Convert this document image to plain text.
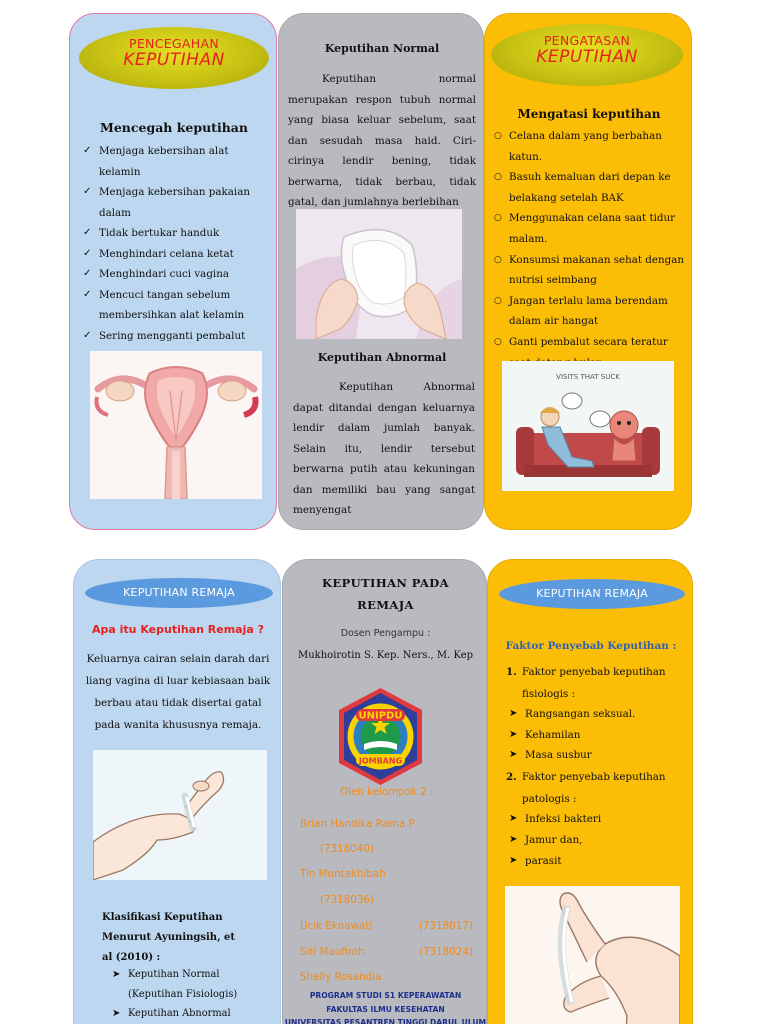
PENCEGAHAN
KEPUTIHAN
Mencegah keputihan
✓ Menjaga kebersihan alat kelamin
✓ Menjaga kebersihan pakaian dalam
✓ Tidak bertukar handuk
✓ Menghindari celana ketat
✓ Menghindari cuci vagina
✓ Mencuci tangan sebelum membersihkan alat kelamin
✓ Sering mengganti pembalut
Keputihan Normal
Keputihan normal merupakan respon tubuh normal yang biasa keluar sebelum, saat dan sesudah masa haid. Ciri-cirinya lendir bening, tidak berwarna, tidak berbau, tidak gatal, dan jumlahnya berlebihan
Keputihan Abnormal
Keputihan Abnormal dapat ditandai dengan keluarnya lendir dalam jumlah banyak. Selain itu, lendir tersebut berwarna putih atau kekuningan dan memiliki bau yang sangat menyengat
PENGATASAN
KEPUTIHAN
Mengatasi keputihan
○ Celana dalam yang berbahan katun.
○ Basuh kemaluan dari depan ke belakang setelah BAK
○ Menggunakan celana saat tidur malam.
○ Konsumsi makanan sehat dengan nutrisi seimbang
○ Jangan terlalu lama berendam dalam air hangat
○ Ganti pembalut secara teratur
VISITS THAT SUCK
KEPUTIHAN REMAJA
Apa itu Keputihan Remaja ?
Keluarnya cairan selain darah dari liang vagina di luar kebiasaan baik berbau atau tidak disertai gatal pada wanita khususnya remaja.
Klasifikasi Keputihan Menurut Ayuningsih, et al (2010) :
➤ Keputihan Normal (Keputihan Fisiologis)
➤ Keputihan Abnormal
KEPUTIHAN PADA REMAJA
Dosen Pengampu :
Mukhoirotin S. Kep. Ners., M. Kep
UNIPDU
JOMBANG
Oleh kelompok 2 :
Brian Handika Rama P
(7318040)
Tin Muntakhibah
(7318036)
Ucik Eknawati	(7318017)
Siti Maufiroh	(7318024)
Shelly Rosandia
PROGRAM STUDI S1 KEPERAWATAN
FAKULTAS ILMU KESEHATAN
UNIVERSITAS PESANTREN TINGGI DARUL ULUM
KEPUTIHAN REMAJA
Faktor Penyebab Keputihan :
1. Faktor penyebab keputihan fisiologis :
➤ Rangsangan seksual.
➤ Kehamilan
➤ Masa susbur
2. Faktor penyebab keputihan patologis :
➤ Infeksi bakteri
➤ Jamur dan,
➤ parasit
